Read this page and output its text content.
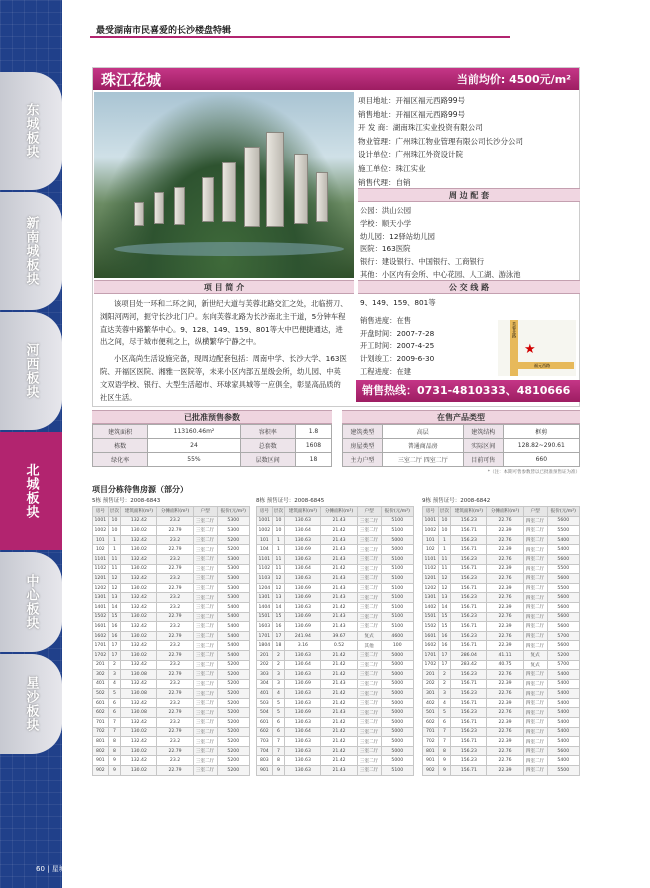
最受湖南市民喜爱的长沙楼盘特辑
东城板块
新南城板块
河西板块
北城板块
中心板块
星沙板块
珠江花城	当前均价: 4500元/m²
项目地址：开福区福元西路99号
销售地址：开福区福元西路99号
开 发 商：湖南珠江实业投资有限公司
物业管理：广州珠江物业管理有限公司长沙分公司
设计单位：广州珠江外资设计院
施工单位：珠江实业
销售代理：自销
周 边 配 套
公园：洪山公园
学校：顺天小学
幼儿园：12驿站幼儿园
医院：163医院
银行：建设银行、中国银行、工商银行
其他：小区内有会所、中心花园、人工湖、游泳池
项 目 简 介
该项目处一环和二环之间，新世纪大道与芙蓉北路交汇之处，北临捞刀、浏阳河两河，扼守长沙北门户。东向芙蓉北路为长沙南北主干道，5分钟车程直达芙蓉中路繁华中心。9、128、149、159、801等大中巴便捷通达，进出之间，尽于城市便利之上，纵横繁华宁静之中。
小区高尚生活设施完备，现周边配套包括：周南中学、长沙大学、163医院、开福区医院、湘雅一医院等，未来小区内部五星级会所，幼儿园、中英文双语学校、银行、大型生活超市、环球家具城等一应俱全，彰显高品质的社区生活。
公 交 线 路
9、149、159、801等
销售进度：在售
开盘时间：2007-7-28
开工时间：2007-4-25
计划竣工：2009-6-30
工程进度：在建
芙蓉北路
福元西路
★
销售热线：0731-4810333、4810666
已批准预售参数
建筑面积	113160.46m²	容积率	1.8
栋数	24	总套数	1608
绿化率	55%	层数区间	18
在售产品类型
建筑类型	高层	建筑结构	框剪
房屋类型	普通商品房	实际区间	128.82~290.61
主力户型	三室二厅 四室二厅	目前可售	660
*（注：本期可售参数皆以已批准预售证为准）
项目分栋待售房源（部分）
5栋 预售证号：2008-6843
房号	层次	建筑面积(m²)	分摊面积(m²)	户型	报价(元/m²)
1001	10	132.42	23.2	三室二厅	5300
1002	10	130.02	22.79	三室二厅	5300
101	1	132.42	23.2	三室二厅	5200
102	1	130.02	22.79	三室二厅	5200
1101	11	132.42	23.2	三室二厅	5300
1102	11	130.02	22.79	三室二厅	5300
1201	12	132.42	23.2	三室二厅	5300
1202	12	130.02	22.79	三室二厅	5300
1301	13	132.42	23.2	三室二厅	5300
1401	14	132.42	23.2	三室二厅	5400
1502	15	130.02	22.79	三室二厅	5400
1601	16	132.42	23.2	三室二厅	5400
1602	16	130.02	22.79	三室二厅	5400
1701	17	132.42	23.2	三室二厅	5400
1702	17	130.02	22.79	三室二厅	5400
201	2	132.42	23.2	三室二厅	5200
302	3	130.08	22.79	三室二厅	5200
401	4	132.42	23.2	三室二厅	5200
502	5	130.08	22.79	三室二厅	5200
601	6	132.42	23.2	三室二厅	5200
602	6	130.08	22.79	三室二厅	5200
701	7	132.42	23.2	三室二厅	5200
702	7	130.02	22.79	三室二厅	5200
801	8	132.42	23.2	三室二厅	5200
802	8	130.02	22.79	三室二厅	5200
901	9	132.42	23.2	三室二厅	5200
902	9	130.02	22.79	三室二厅	5200
8栋 预售证号：2008-6845
房号	层次	建筑面积(m²)	分摊面积(m²)	户型	报价(元/m²)
1001	10	130.63	21.43	三室二厅	5100
1002	10	130.64	21.42	三室二厅	5100
101	1	130.63	21.43	三室二厅	5000
104	1	130.69	21.43	三室二厅	5000
1101	11	130.63	21.43	三室二厅	5100
1102	11	130.64	21.42	三室二厅	5100
1103	12	130.63	21.43	三室二厅	5100
1204	12	130.69	21.43	三室二厅	5100
1301	13	130.69	21.43	三室二厅	5100
1404	14	130.63	21.42	三室二厅	5100
1501	15	130.69	21.43	三室二厅	5100
1603	16	130.69	21.43	三室二厅	5100
1701	17	241.94	39.67	复式	4600
1804	18	3.16	0.52	其他	100
201	2	130.63	21.42	三室二厅	5000
202	2	130.64	21.42	三室二厅	5000
303	3	130.63	21.42	三室二厅	5000
304	3	130.69	21.43	三室二厅	5000
401	4	130.63	21.42	三室二厅	5000
503	5	130.63	21.42	三室二厅	5000
504	5	130.69	21.43	三室二厅	5000
601	6	130.63	21.42	三室二厅	5000
602	6	130.64	21.42	三室二厅	5000
703	7	130.63	21.42	三室二厅	5000
704	7	130.63	21.42	三室二厅	5000
803	8	130.63	21.42	三室二厅	5000
901	9	130.63	21.43	三室二厅	5100
9栋 预售证号：2008-6842
房号	层次	建筑面积(m²)	分摊面积(m²)	户型	报价(元/m²)
1001	10	156.23	22.76	四室二厅	5600
1002	10	156.71	22.39	四室二厅	5500
101	1	156.23	22.76	四室二厅	5400
102	1	156.71	22.39	四室二厅	5400
1101	11	156.23	22.76	四室二厅	5600
1102	11	156.71	22.39	四室二厅	5500
1201	12	156.23	22.76	四室二厅	5600
1202	12	156.71	22.39	四室二厅	5500
1301	13	156.23	22.76	四室二厅	5600
1402	14	156.71	22.39	四室二厅	5600
1501	15	156.23	22.76	四室二厅	5600
1502	15	156.71	22.39	四室二厅	5600
1601	16	156.23	22.76	四室二厅	5700
1602	16	156.71	22.39	四室二厅	5600
1701	17	286.04	41.11	复式	5200
1702	17	283.42	40.75	复式	5700
201	2	156.23	22.76	四室二厅	5400
202	2	156.71	22.39	四室二厅	5400
301	3	156.23	22.76	四室二厅	5400
402	4	156.71	22.39	四室二厅	5400
501	5	156.23	22.76	四室二厅	5400
602	6	156.71	22.39	四室二厅	5400
701	7	156.23	22.76	四室二厅	5400
702	7	156.71	22.39	四室二厅	5400
801	8	156.23	22.76	四室二厅	5600
901	9	156.23	22.76	四室二厅	5400
902	9	156.71	22.39	四室二厅	5500
60 | 星城新楼盘网联合长沙房地产网 www.0731fdc.com
